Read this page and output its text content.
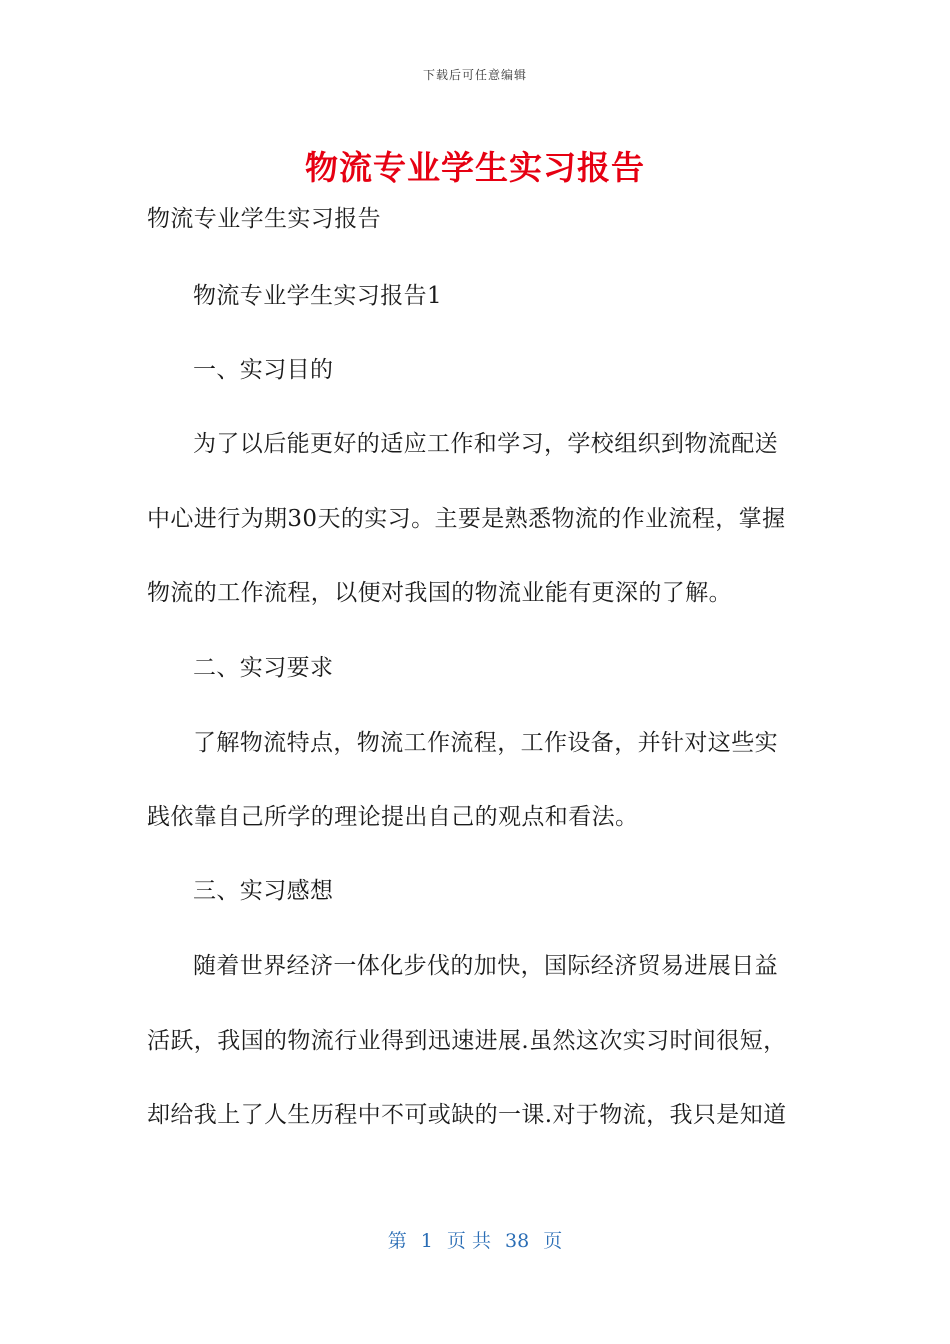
下载后可任意编辑
物流专业学生实习报告
物流专业学生实习报告
物流专业学生实习报告1
一、实习目的
为了以后能更好的适应工作和学习，学校组织到物流配送
中心进行为期30天的实习。主要是熟悉物流的作业流程，掌握
物流的工作流程，以便对我国的物流业能有更深的了解。
二、实习要求
了解物流特点，物流工作流程，工作设备，并针对这些实
践依靠自己所学的理论提出自己的观点和看法。
三、实习感想
随着世界经济一体化步伐的加快，国际经济贸易进展日益
活跃，我国的物流行业得到迅速进展.虽然这次实习时间很短，
却给我上了人生历程中不可或缺的一课.对于物流，我只是知道
第 1 页 共 38 页
